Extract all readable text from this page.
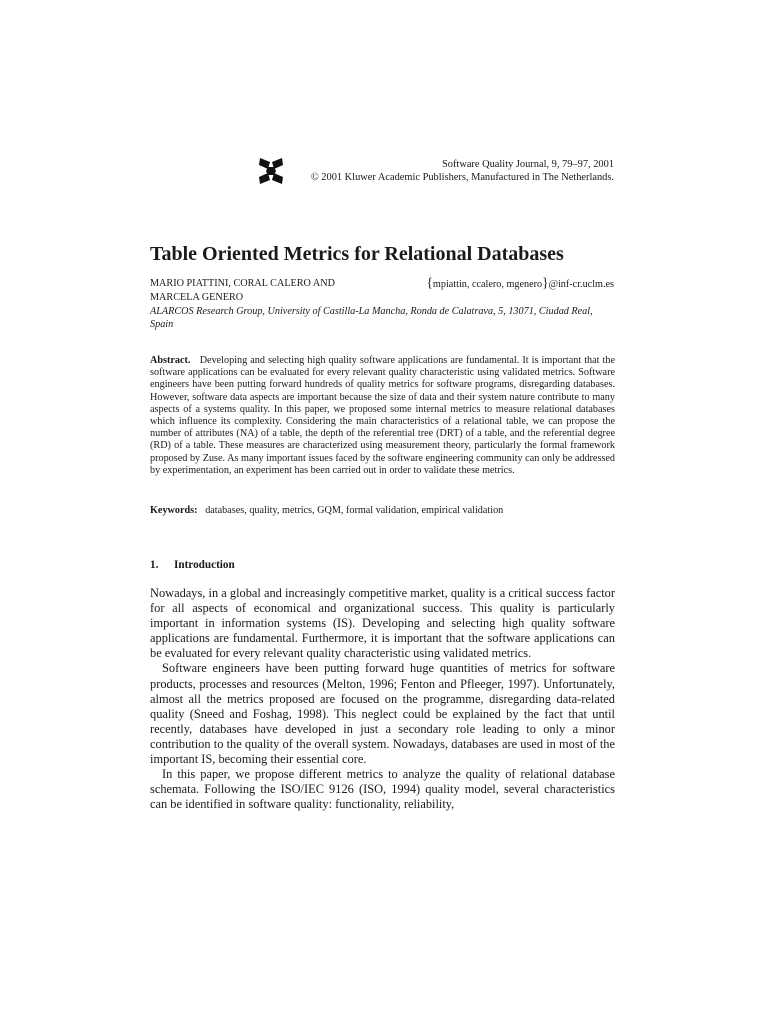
Software Quality Journal, 9, 79–97, 2001
© 2001 Kluwer Academic Publishers, Manufactured in The Netherlands.
Table Oriented Metrics for Relational Databases
MARIO PIATTINI, CORAL CALERO AND
MARCELA GENERO
{mpiattin, ccalero, mgenero}@inf-cr.uclm.es
ALARCOS Research Group, University of Castilla-La Mancha, Ronda de Calatrava, 5, 13071, Ciudad Real, Spain

Abstract. Developing and selecting high quality software applications are fundamental. It is important that the software applications can be evaluated for every relevant quality characteristic using validated metrics. Software engineers have been putting forward hundreds of quality metrics for software programs, disregarding databases. However, software data aspects are important because the size of data and their system nature contribute to many aspects of a systems quality. In this paper, we proposed some internal metrics to measure relational databases which influence its complexity. Considering the main characteristics of a relational table, we can propose the number of attributes (NA) of a table, the depth of the referential tree (DRT) of a table, and the referential degree (RD) of a table. These measures are characterized using measurement theory, particularly the formal framework proposed by Zuse. As many important issues faced by the software engineering community can only be addressed by experimentation, an experiment has been carried out in order to validate these metrics.

Keywords: databases, quality, metrics, GQM, formal validation, empirical validation
1. Introduction

Nowadays, in a global and increasingly competitive market, quality is a critical success factor for all aspects of economical and organizational success. This quality is particularly important in information systems (IS). Developing and selecting high quality software applications are fundamental. Furthermore, it is important that the software applications can be evaluated for every relevant quality characteristic using validated metrics.

Software engineers have been putting forward huge quantities of metrics for software products, processes and resources (Melton, 1996; Fenton and Pfleeger, 1997). Unfortunately, almost all the metrics proposed are focused on the programme, disregarding data-related quality (Sneed and Foshag, 1998). This neglect could be explained by the fact that until recently, databases have developed in just a secondary role leading to only a minor contribution to the quality of the overall system. Nowadays, databases are used in most of the important IS, becoming their essential core.

In this paper, we propose different metrics to analyze the quality of relational database schemata. Following the ISO/IEC 9126 (ISO, 1994) quality model, several characteristics can be identified in software quality: functionality, reliability,
